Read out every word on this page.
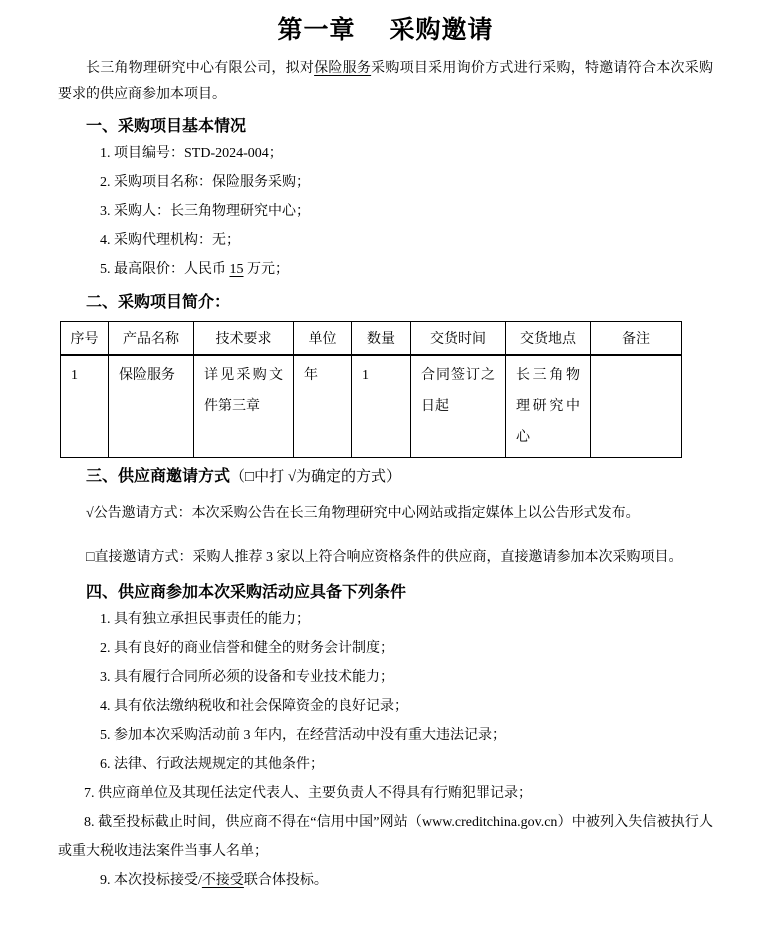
第一章　 采购邀请

长三角物理研究中心有限公司，拟对保险服务采购项目采用询价方式进行采购，特邀请符合本次采购要求的供应商参加本项目。

一、采购项目基本情况

1. 项目编号：STD-2024-004；

2. 采购项目名称：保险服务采购；

3. 采购人：长三角物理研究中心；

4. 采购代理机构：无；

5. 最高限价：人民币 15 万元；

二、采购项目简介：
序号	产品名称	技术要求	单位	数量	交货时间	交货地点	备注
1	保险服务	详见采购文件第三章	年	1	合同签订之日起	长三角物理研究中心	
三、供应商邀请方式（□中打 √为确定的方式）

√公告邀请方式：本次采购公告在长三角物理研究中心网站或指定媒体上以公告形式发布。

□直接邀请方式：采购人推荐 3 家以上符合响应资格条件的供应商，直接邀请参加本次采购项目。

四、供应商参加本次采购活动应具备下列条件

1. 具有独立承担民事责任的能力；

2. 具有良好的商业信誉和健全的财务会计制度；

3. 具有履行合同所必须的设备和专业技术能力；

4. 具有依法缴纳税收和社会保障资金的良好记录；

5. 参加本次采购活动前 3 年内，在经营活动中没有重大违法记录；

6. 法律、行政法规规定的其他条件；

7. 供应商单位及其现任法定代表人、主要负责人不得具有行贿犯罪记录；

8. 截至投标截止时间，供应商不得在“信用中国”网站（www.creditchina.gov.cn）中被列入失信被执行人或重大税收违法案件当事人名单；

9. 本次投标接受/不接受联合体投标。
